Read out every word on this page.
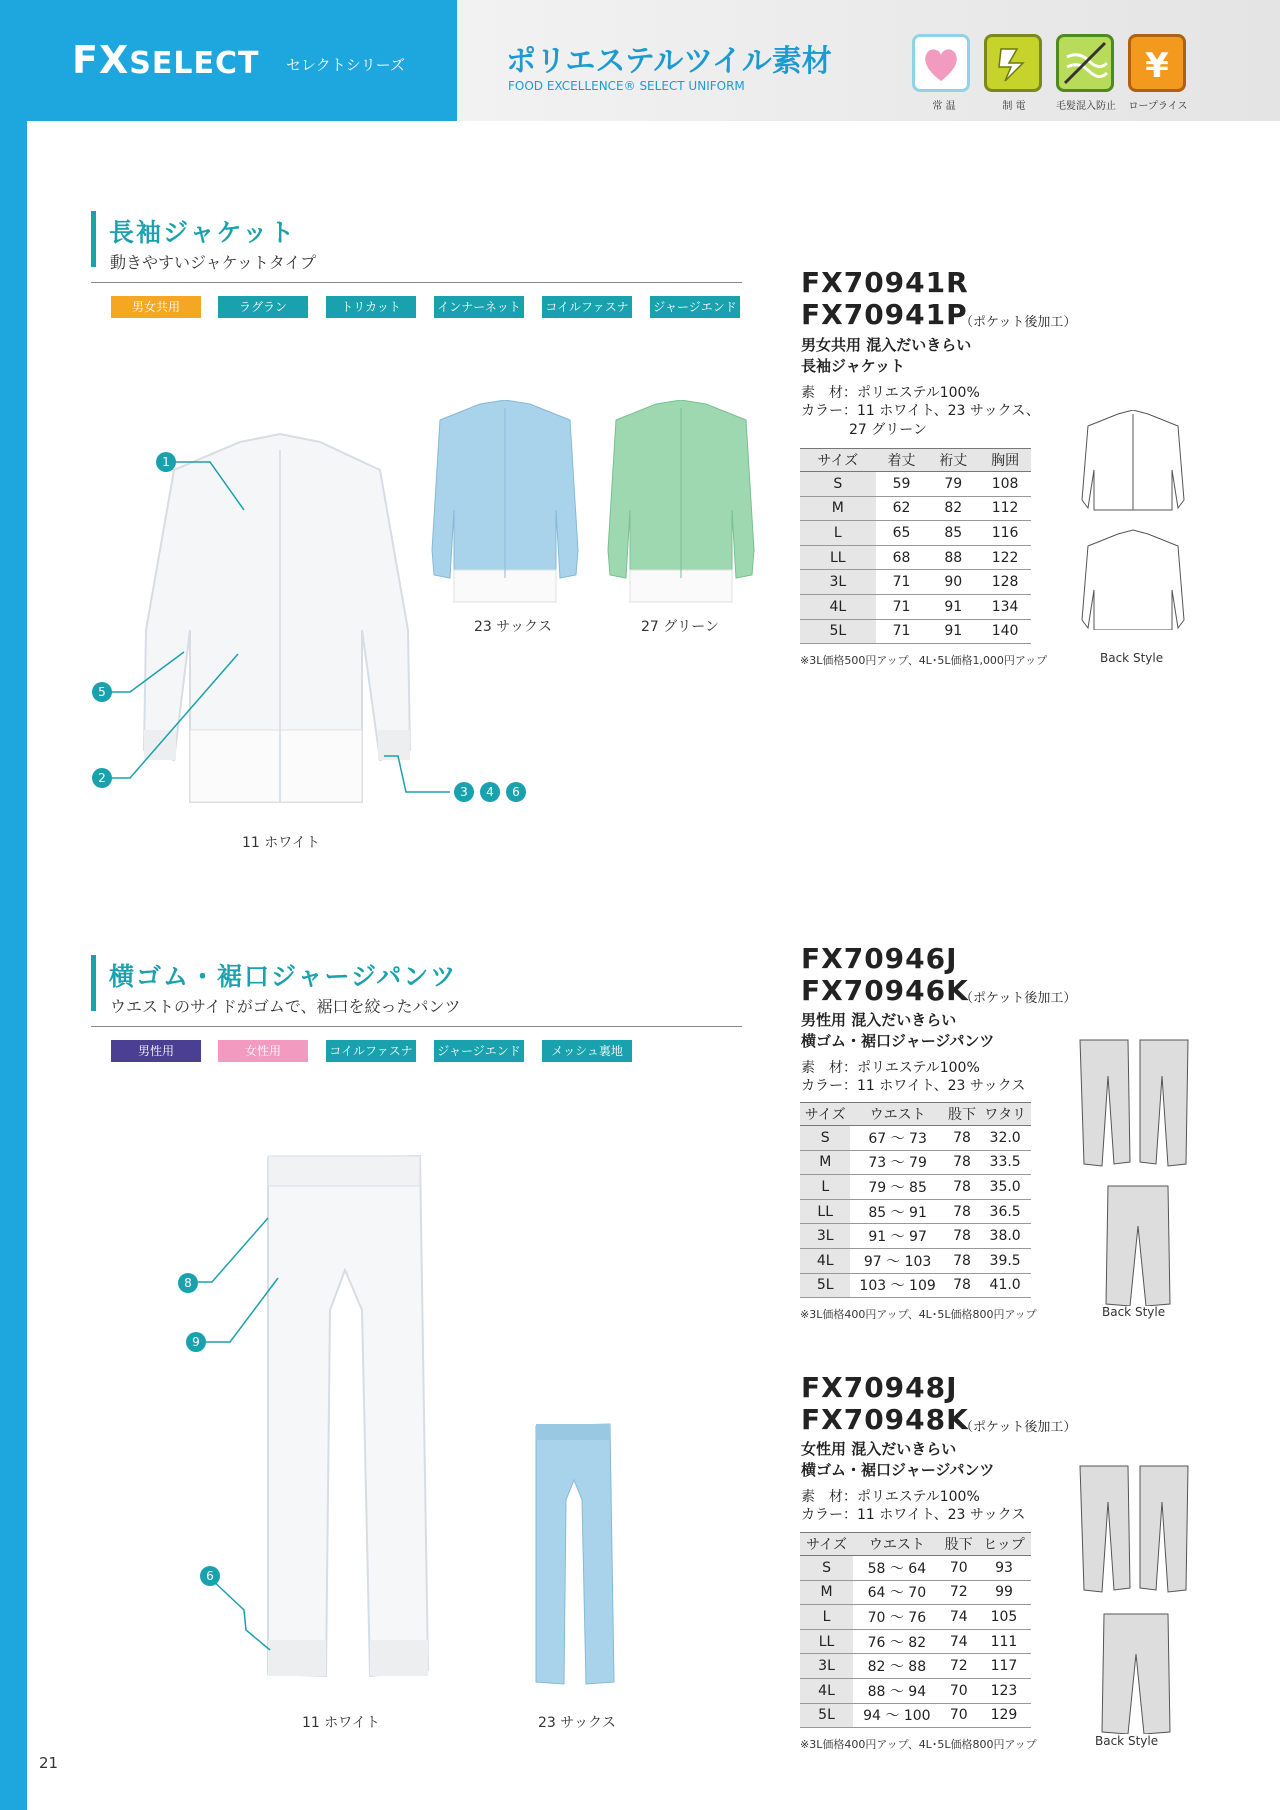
FXSELECT セレクトシリーズ	ポリエステルツイル素材
FOOD EXCELLENCE® SELECT UNIFORM	¥
常 温	制 電	毛髪混入防止	ロープライス
長袖ジャケット
動きやすいジャケットタイプ
男女共用	ラグラン	トリカット	インナーネット コイルファスナー
ジャージエンド
23 サックス	27 グリーン
11 ホワイト
1
5
2
3	4	6
FX70941R
FX70941P
（ポケット後加工）
男女共用 混入だいきらい
長袖ジャケット
素　材：ポリエステル100%
カラー：11 ホワイト、23 サックス、
27 グリーン
サイズ	着丈	裄丈	胸囲
S	59	79	108
M	62	82	112
L	65	85	116
LL	68	88	122
3L	71	90	128
4L	71	91	134
5L	71	91	140
※3L価格500円アップ、4L･5L価格1,000円アップ	Back Style
横ゴム・裾口ジャージパンツ
ウエストのサイドがゴムで、裾口を絞ったパンツ
男性用	女性用	コイルファスナー
ジャージエンド	メッシュ裏地
11 ホワイト	23 サックス
8
9
6
FX70946J
FX70946K
（ポケット後加工）
男性用 混入だいきらい
横ゴム・裾口ジャージパンツ
素　材：ポリエステル100%
カラー：11 ホワイト、23 サックス
サイズ	ウエスト	股下	ワタリ
S	67 ～ 73	78	32.0
M	73 ～ 79	78	33.5
L	79 ～ 85	78	35.0
LL	85 ～ 91	78	36.5
3L	91 ～ 97	78	38.0
4L	97 ～ 103	78	39.5
5L	103 ～ 109	78	41.0
※3L価格400円アップ、4L･5L価格800円アップ	Back Style
FX70948J
FX70948K
（ポケット後加工）
女性用 混入だいきらい
横ゴム・裾口ジャージパンツ
素　材：ポリエステル100%
カラー：11 ホワイト、23 サックス
サイズ	ウエスト	股下	ヒップ
S	58 ～ 64	70	93
M	64 ～ 70	72	99
L	70 ～ 76	74	105
LL	76 ～ 82	74	111
3L	82 ～ 88	72	117
4L	88 ～ 94	70	123
5L	94 ～ 100	70	129
※3L価格400円アップ、4L･5L価格800円アップ	Back Style
21
